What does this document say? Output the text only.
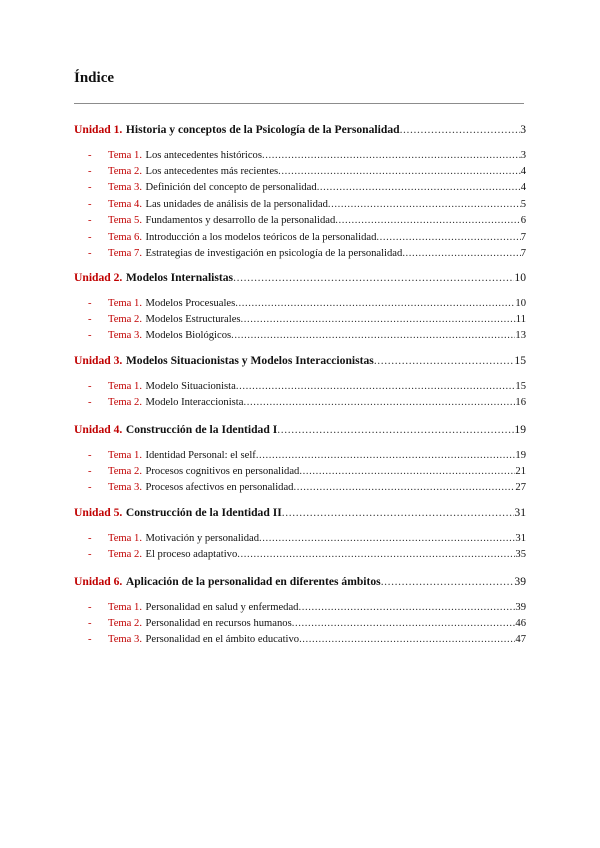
Índice
Unidad 1. Historia y conceptos de la Psicología de la Personalidad .....	3
-	Tema 1. Los antecedentes históricos .....	3
-	Tema 2. Los antecedentes más recientes .....	4
-	Tema 3. Definición del concepto de personalidad .....	4
-	Tema 4. Las unidades de análisis de la personalidad .....	5
-	Tema 5. Fundamentos y desarrollo de la personalidad .....	6
-	Tema 6. Introducción a los modelos teóricos de la personalidad .....	7
-	Tema 7. Estrategias de investigación en psicología de la personalidad .....	7
Unidad 2. Modelos Internalistas .....	10
-	Tema 1. Modelos Procesuales .....	10
-	Tema 2. Modelos Estructurales .....	11
-	Tema 3. Modelos Biológicos .....	13
Unidad 3. Modelos Situacionistas y Modelos Interaccionistas .....	15
-	Tema 1. Modelo Situacionista .....	15
-	Tema 2. Modelo Interaccionista .....	16
Unidad 4. Construcción de la Identidad I .....	19
-	Tema 1. Identidad Personal: el self .....	19
-	Tema 2. Procesos cognitivos en personalidad .....	21
-	Tema 3. Procesos afectivos en personalidad .....	27
Unidad 5. Construcción de la Identidad II .....	31
-	Tema 1. Motivación y personalidad .....	31
-	Tema 2. El proceso adaptativo .....	35
Unidad 6. Aplicación de la personalidad en diferentes ámbitos .....	39
-	Tema 1. Personalidad en salud y enfermedad .....	39
-	Tema 2. Personalidad en recursos humanos .....	46
-	Tema 3. Personalidad en el ámbito educativo .....	47
